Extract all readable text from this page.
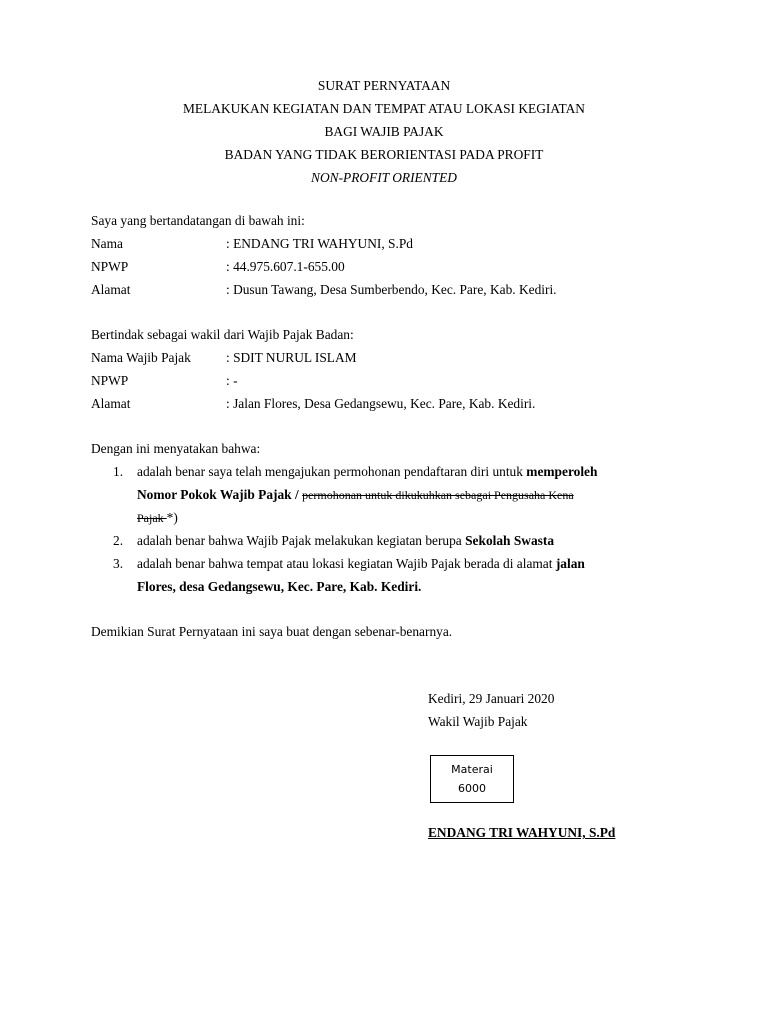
SURAT PERNYATAAN
MELAKUKAN KEGIATAN DAN TEMPAT ATAU LOKASI KEGIATAN
BAGI WAJIB PAJAK
BADAN YANG TIDAK BERORIENTASI PADA PROFIT
NON-PROFIT ORIENTED
Saya yang bertandatangan di bawah ini:
Nama	: ENDANG TRI WAHYUNI, S.Pd
NPWP	: 44.975.607.1-655.00
Alamat	: Dusun Tawang, Desa Sumberbendo, Kec. Pare, Kab. Kediri.
Bertindak sebagai wakil dari Wajib Pajak Badan:
Nama Wajib Pajak	: SDIT NURUL ISLAM
NPWP	: -
Alamat	: Jalan Flores, Desa Gedangsewu, Kec. Pare, Kab. Kediri.
Dengan ini menyatakan bahwa:
1. adalah benar saya telah mengajukan permohonan pendaftaran diri untuk memperoleh
Nomor Pokok Wajib Pajak / permohonan untuk dikukuhkan sebagai Pengusaha Kena
Pajak *)
2. adalah benar bahwa Wajib Pajak melakukan kegiatan berupa Sekolah Swasta
3. adalah benar bahwa tempat atau lokasi kegiatan Wajib Pajak berada di alamat jalan
Flores, desa Gedangsewu, Kec. Pare, Kab. Kediri.
Demikian Surat Pernyataan ini saya buat dengan sebenar-benarnya.
Kediri, 29 Januari 2020
Wakil Wajib Pajak
Materai
6000
ENDANG TRI WAHYUNI, S.Pd
